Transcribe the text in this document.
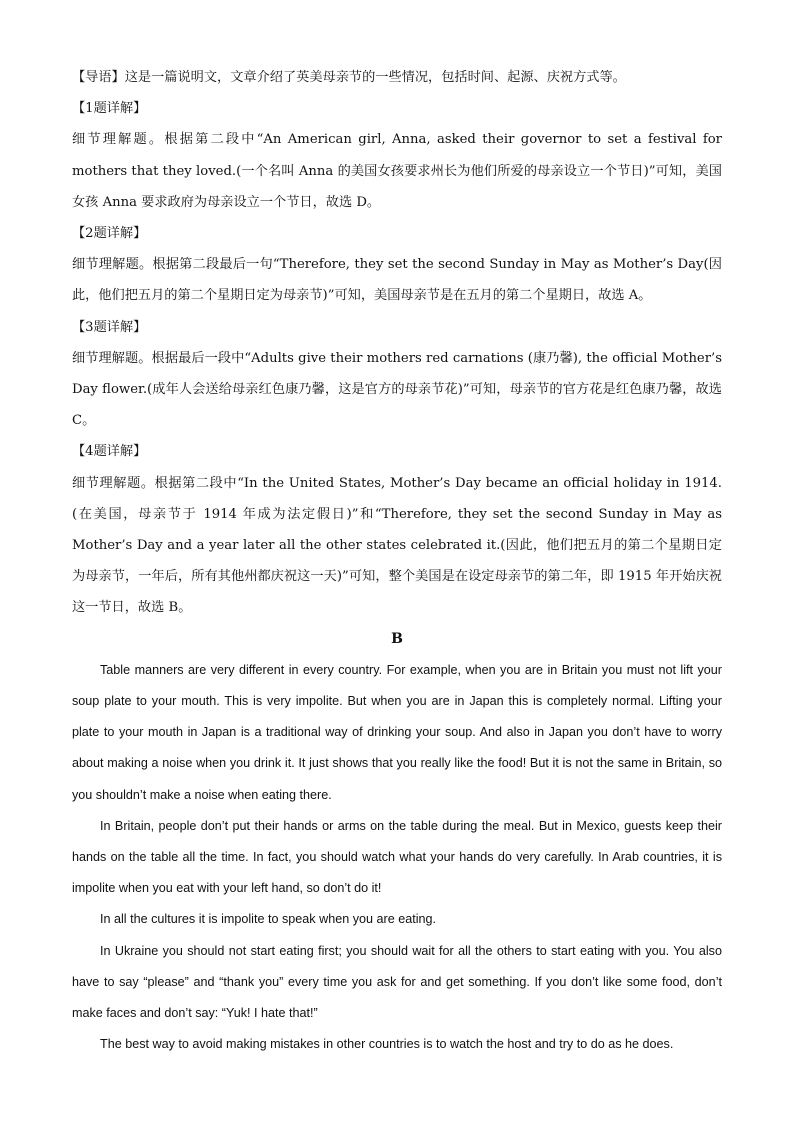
【导语】这是一篇说明文，文章介绍了英美母亲节的一些情况，包括时间、起源、庆祝方式等。

【1题详解】

细节理解题。根据第二段中“An American girl, Anna, asked their governor to set a festival for mothers that they loved.(一个名叫 Anna 的美国女孩要求州长为他们所爱的母亲设立一个节日)”可知，美国女孩 Anna 要求政府为母亲设立一个节日，故选 D。

【2题详解】

细节理解题。根据第二段最后一句“Therefore, they set the second Sunday in May as Mother’s Day(因此，他们把五月的第二个星期日定为母亲节)”可知，美国母亲节是在五月的第二个星期日，故选 A。

【3题详解】

细节理解题。根据最后一段中“Adults give their mothers red carnations (康乃馨), the official Mother’s Day flower.(成年人会送给母亲红色康乃馨，这是官方的母亲节花)”可知，母亲节的官方花是红色康乃馨，故选 C。

【4题详解】

细节理解题。根据第二段中“In the United States, Mother’s Day became an official holiday in 1914.(在美国，母亲节于 1914 年成为法定假日)”和“Therefore, they set the second Sunday in May as Mother’s Day and a year later all the other states celebrated it.(因此，他们把五月的第二个星期日定为母亲节，一年后，所有其他州都庆祝这一天)”可知，整个美国是在设定母亲节的第二年，即 1915 年开始庆祝这一节日，故选 B。

B

Table manners are very different in every country. For example, when you are in Britain you must not lift your soup plate to your mouth. This is very impolite. But when you are in Japan this is completely normal. Lifting your plate to your mouth in Japan is a traditional way of drinking your soup. And also in Japan you don’t have to worry about making a noise when you drink it. It just shows that you really like the food! But it is not the same in Britain, so you shouldn’t make a noise when eating there.

In Britain, people don’t put their hands or arms on the table during the meal. But in Mexico, guests keep their hands on the table all the time. In fact, you should watch what your hands do very carefully. In Arab countries, it is impolite when you eat with your left hand, so don’t do it!

In all the cultures it is impolite to speak when you are eating.

In Ukraine you should not start eating first; you should wait for all the others to start eating with you. You also have to say “please” and “thank you” every time you ask for and get something. If you don’t like some food, don’t make faces and don’t say: “Yuk! I hate that!”

The best way to avoid making mistakes in other countries is to watch the host and try to do as he does.
